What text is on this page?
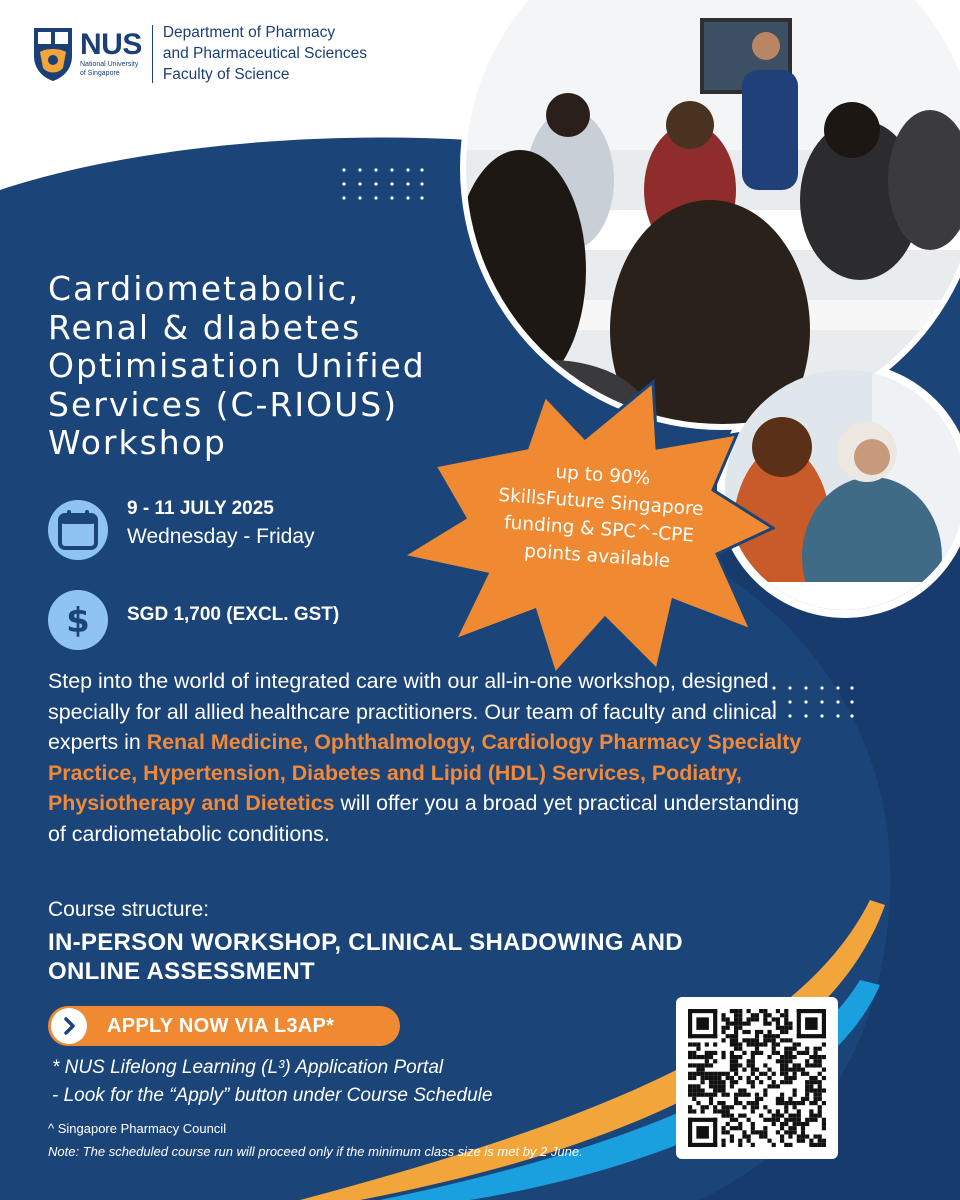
NUS
National University
of Singapore
Department of Pharmacy
and Pharmaceutical Sciences
Faculty of Science
Cardiometabolic,
Renal & dIabetes
Optimisation Unified
Services (C-RIOUS)
Workshop
up to 90%
SkillsFuture Singapore
funding & SPC^-CPE
points available
9 - 11 JULY 2025
Wednesday - Friday
$ SGD 1,700 (EXCL. GST)
Step into the world of integrated care with our all-in-one workshop, designed specially for all allied healthcare practitioners. Our team of faculty and clinical experts in Renal Medicine, Ophthalmology, Cardiology Pharmacy Specialty Practice, Hypertension, Diabetes and Lipid (HDL) Services, Podiatry, Physiotherapy and Dietetics will offer you a broad yet practical understanding of cardiometabolic conditions.
Course structure:
IN-PERSON WORKSHOP, CLINICAL SHADOWING AND ONLINE ASSESSMENT
APPLY NOW VIA L3AP*
* NUS Lifelong Learning (L³) Application Portal
- Look for the “Apply” button under Course Schedule
^ Singapore Pharmacy Council
Note: The scheduled course run will proceed only if the minimum class size is met by 2 June.
